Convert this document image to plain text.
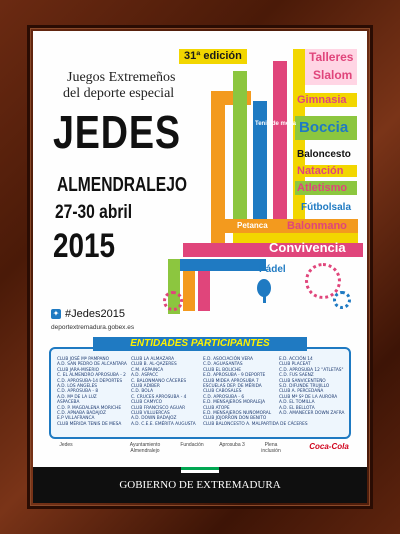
31ª edición
Juegos Extremeños
del deporte especial
JEDES
ALMENDRALEJO
27-30 abril
2015
Talleres
Slalom
Gimnasia
Boccia
Tenis de mesa
Baloncesto
Natación
Atletismo
Fútbolsala
Petanca Balonmano
Convivencia
Pádel
✦ #Jedes2015
deportextremadura.gobex.es
CLUB JOSÉ Mª PAMPANO
A.D. SAN PEDRO DE ALCANTARA
CLUB JARA-MISERIO
C. EL ALMENDRO APROSUBA - 2
C.D. APROSUBA-14 DEPORTES
A.D. LOS ANGELES
C.D. APROSUBA - 8
A.D. Mª DE LA LUZ
ASPACEBA
C.D. P. MAGDALENA MORICHE
C.D. APNABA BADAJOZ
E.P VILLAFRANCA
CLUB MÉRIDA TENIS DE MESA
CLUB LA ALMAZARA
CLUB B. AL-QAZERES
C.M. ASPAINCA
A.D. ASPACC
C. BALONMANO CÁCERES
CLUB ADIBER
C.D. BOLA
C. CRUCES APROSUBA - 4
CLUB CAMYCO
CLUB FRANCISCO AGUAR
CLUB VILLUERCAS
A.D. DOWN BADAJOZ
A.D. C.E.E. EMÉRITA AUGUSTA
E.D. ASOCIACIÓN VERA
C.D. AGUASANTAS
CLUB EL BOLICHE
E.D. APROSUBA - 9 DEPORTE
CLUB MIDEA APROSUBA 7
ESCUELAS DEP. DE MÉRIDA
CLUB CABOSALES
C.D. APROSUBA - 6
E.D. MENSAJEROS MORALEJA
CLUB ATOPE
E.D. MENSAJEROS NUÑOMORAL
CLUB JOJORRON DON BENITO
CLUB BALONCESTO A. MALPARTIDA DE CÁCERES
E.D. ACCIÓN 14
CLUB PLACEAT
C.D. APROSUBA 12 "ATLETAS"
C.D. FUS SAENZ
CLUB SANVICENTEÑO
S.D. DIFUNDE TRUJILLO
CLUB A. PERCEDANA
CLUB Mª Sº DE LA AURORA
A.D. EL TOMILLA
A.D. EL BELLOTA
A.D. AMANECER DOWN ZAFRA
ENTIDADES PARTICIPANTES
Jedes	Ayuntamiento Almendralejo
Fundación	Aprosuba 3	Plena inclusión	Coca-Cola
GOBIERNO DE EXTREMADURA
